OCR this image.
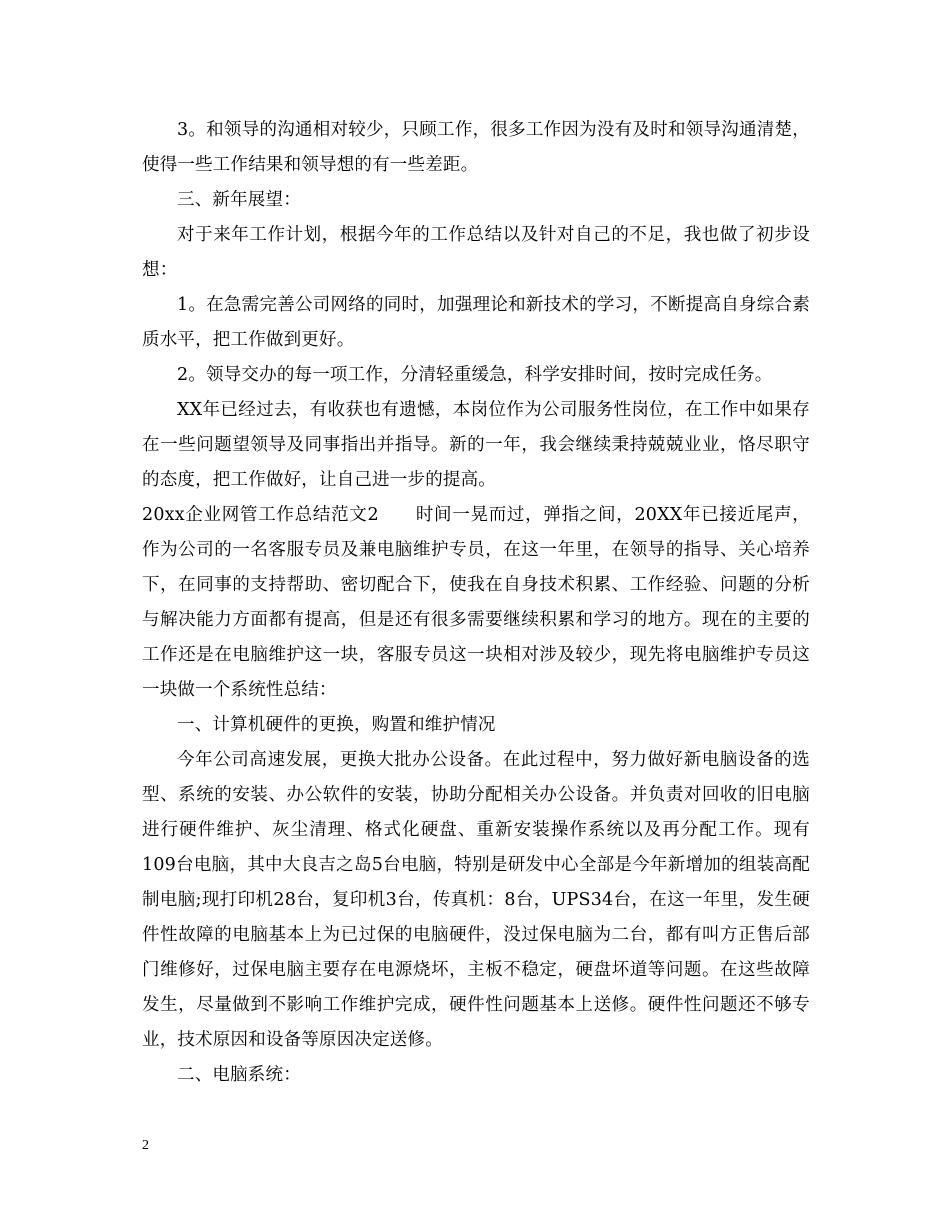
3。和领导的沟通相对较少，只顾工作，很多工作因为没有及时和领导沟通清楚，使得一些工作结果和领导想的有一些差距。

三、新年展望：

对于来年工作计划，根据今年的工作总结以及针对自己的不足，我也做了初步设想：

1。在急需完善公司网络的同时，加强理论和新技术的学习，不断提高自身综合素质水平，把工作做到更好。

2。领导交办的每一项工作，分清轻重缓急，科学安排时间，按时完成任务。

XX年已经过去，有收获也有遗憾，本岗位作为公司服务性岗位，在工作中如果存在一些问题望领导及同事指出并指导。新的一年，我会继续秉持兢兢业业，恪尽职守的态度，把工作做好，让自己进一步的提高。

20xx企业网管工作总结范文2　　时间一晃而过，弹指之间，20XX年已接近尾声，作为公司的一名客服专员及兼电脑维护专员，在这一年里，在领导的指导、关心培养下，在同事的支持帮助、密切配合下，使我在自身技术积累、工作经验、问题的分析与解决能力方面都有提高，但是还有很多需要继续积累和学习的地方。现在的主要的工作还是在电脑维护这一块，客服专员这一块相对涉及较少，现先将电脑维护专员这一块做一个系统性总结：

一、计算机硬件的更换，购置和维护情况

今年公司高速发展，更换大批办公设备。在此过程中，努力做好新电脑设备的选型、系统的安装、办公软件的安装，协助分配相关办公设备。并负责对回收的旧电脑进行硬件维护、灰尘清理、格式化硬盘、重新安装操作系统以及再分配工作。现有109台电脑，其中大良吉之岛5台电脑，特别是研发中心全部是今年新增加的组装高配制电脑;现打印机28台，复印机3台，传真机：8台，UPS34台，在这一年里，发生硬件性故障的电脑基本上为已过保的电脑硬件，没过保电脑为二台，都有叫方正售后部门维修好，过保电脑主要存在电源烧坏，主板不稳定，硬盘坏道等问题。在这些故障发生，尽量做到不影响工作维护完成，硬件性问题基本上送修。硬件性问题还不够专业，技术原因和设备等原因决定送修。

二、电脑系统：

2
